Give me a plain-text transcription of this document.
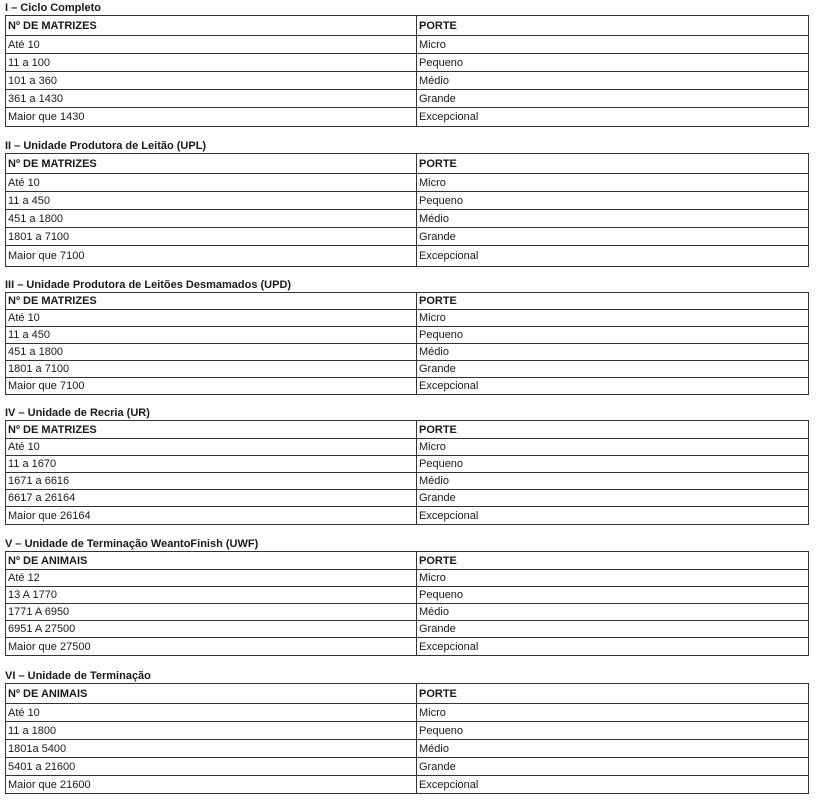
I – Ciclo Completo
Nº DE MATRIZES	PORTE
Até 10	Micro
11 a 100	Pequeno
101 a 360	Médio
361 a 1430	Grande
Maior que 1430	Excepcional
II – Unidade Produtora de Leitão (UPL)
Nº DE MATRIZES	PORTE
Até 10	Micro
11 a 450	Pequeno
451 a 1800	Médio
1801 a 7100	Grande
Maior que 7100	Excepcional
III – Unidade Produtora de Leitões Desmamados (UPD)
Nº DE MATRIZES	PORTE
Até 10	Micro
11 a 450	Pequeno
451 a 1800	Médio
1801 a 7100	Grande
Maior que 7100	Excepcional
IV – Unidade de Recria (UR)
Nº DE MATRIZES	PORTE
Até 10	Micro
11 a 1670	Pequeno
1671 a 6616	Médio
6617 a 26164	Grande
Maior que 26164	Excepcional
V – Unidade de Terminação WeantoFinish (UWF)
Nº DE ANIMAIS	PORTE
Até 12	Micro
13 A 1770	Pequeno
1771 A 6950	Médio
6951 A 27500	Grande
Maior que 27500	Excepcional
VI – Unidade de Terminação
Nº DE ANIMAIS	PORTE
Até 10	Micro
11 a 1800	Pequeno
1801a 5400	Médio
5401 a 21600	Grande
Maior que 21600	Excepcional
